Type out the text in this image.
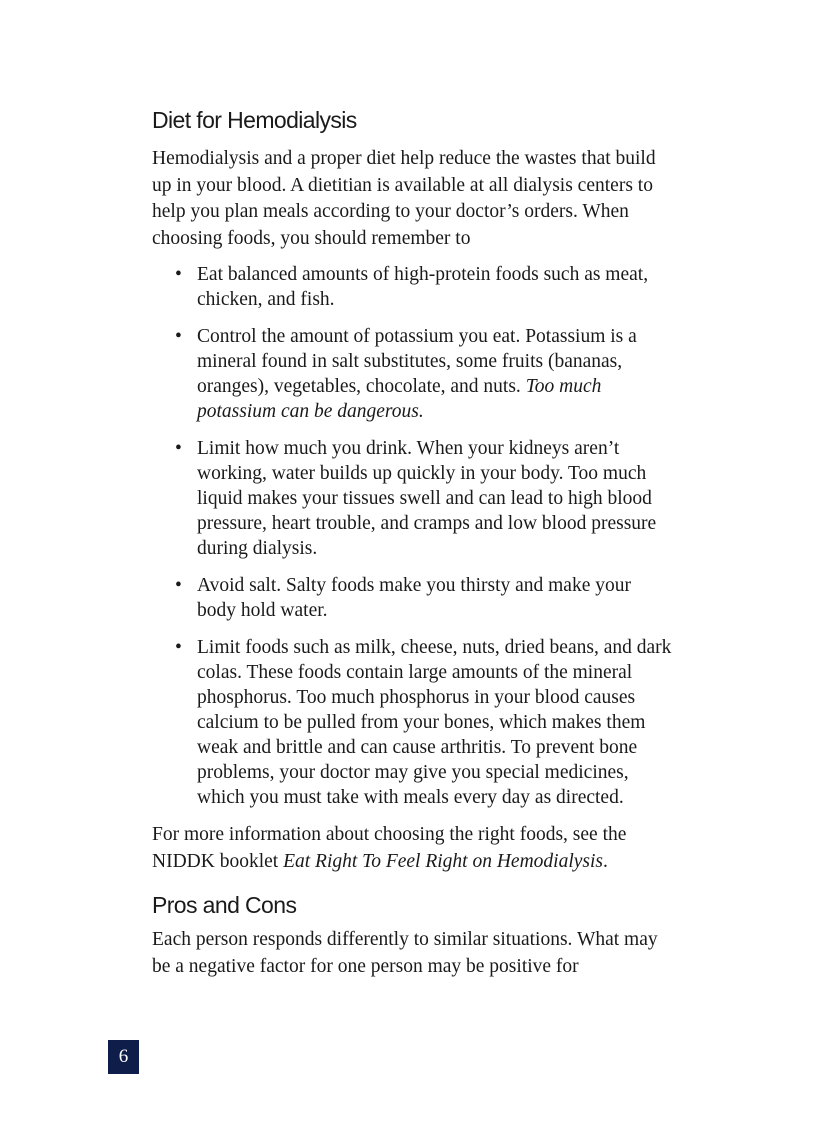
Diet for Hemodialysis

Hemodialysis and a proper diet help reduce the wastes that build up in your blood. A dietitian is available at all dialysis centers to help you plan meals according to your doctor’s orders. When choosing foods, you should remember to

• Eat balanced amounts of high-protein foods such as meat, chicken, and fish.
• Control the amount of potassium you eat. Potassium is a mineral found in salt substitutes, some fruits (bananas, oranges), vegetables, chocolate, and nuts. Too much potassium can be dangerous.
• Limit how much you drink. When your kidneys aren’t working, water builds up quickly in your body. Too much liquid makes your tissues swell and can lead to high blood pressure, heart trouble, and cramps and low blood pressure during dialysis.
• Avoid salt. Salty foods make you thirsty and make your body hold water.
• Limit foods such as milk, cheese, nuts, dried beans, and dark colas. These foods contain large amounts of the mineral phosphorus. Too much phosphorus in your blood causes calcium to be pulled from your bones, which makes them weak and brittle and can cause arthritis. To prevent bone problems, your doctor may give you special medicines, which you must take with meals every day as directed.

For more information about choosing the right foods, see the NIDDK booklet Eat Right To Feel Right on Hemodialysis.

Pros and Cons

Each person responds differently to similar situations. What may be a negative factor for one person may be positive for

6
